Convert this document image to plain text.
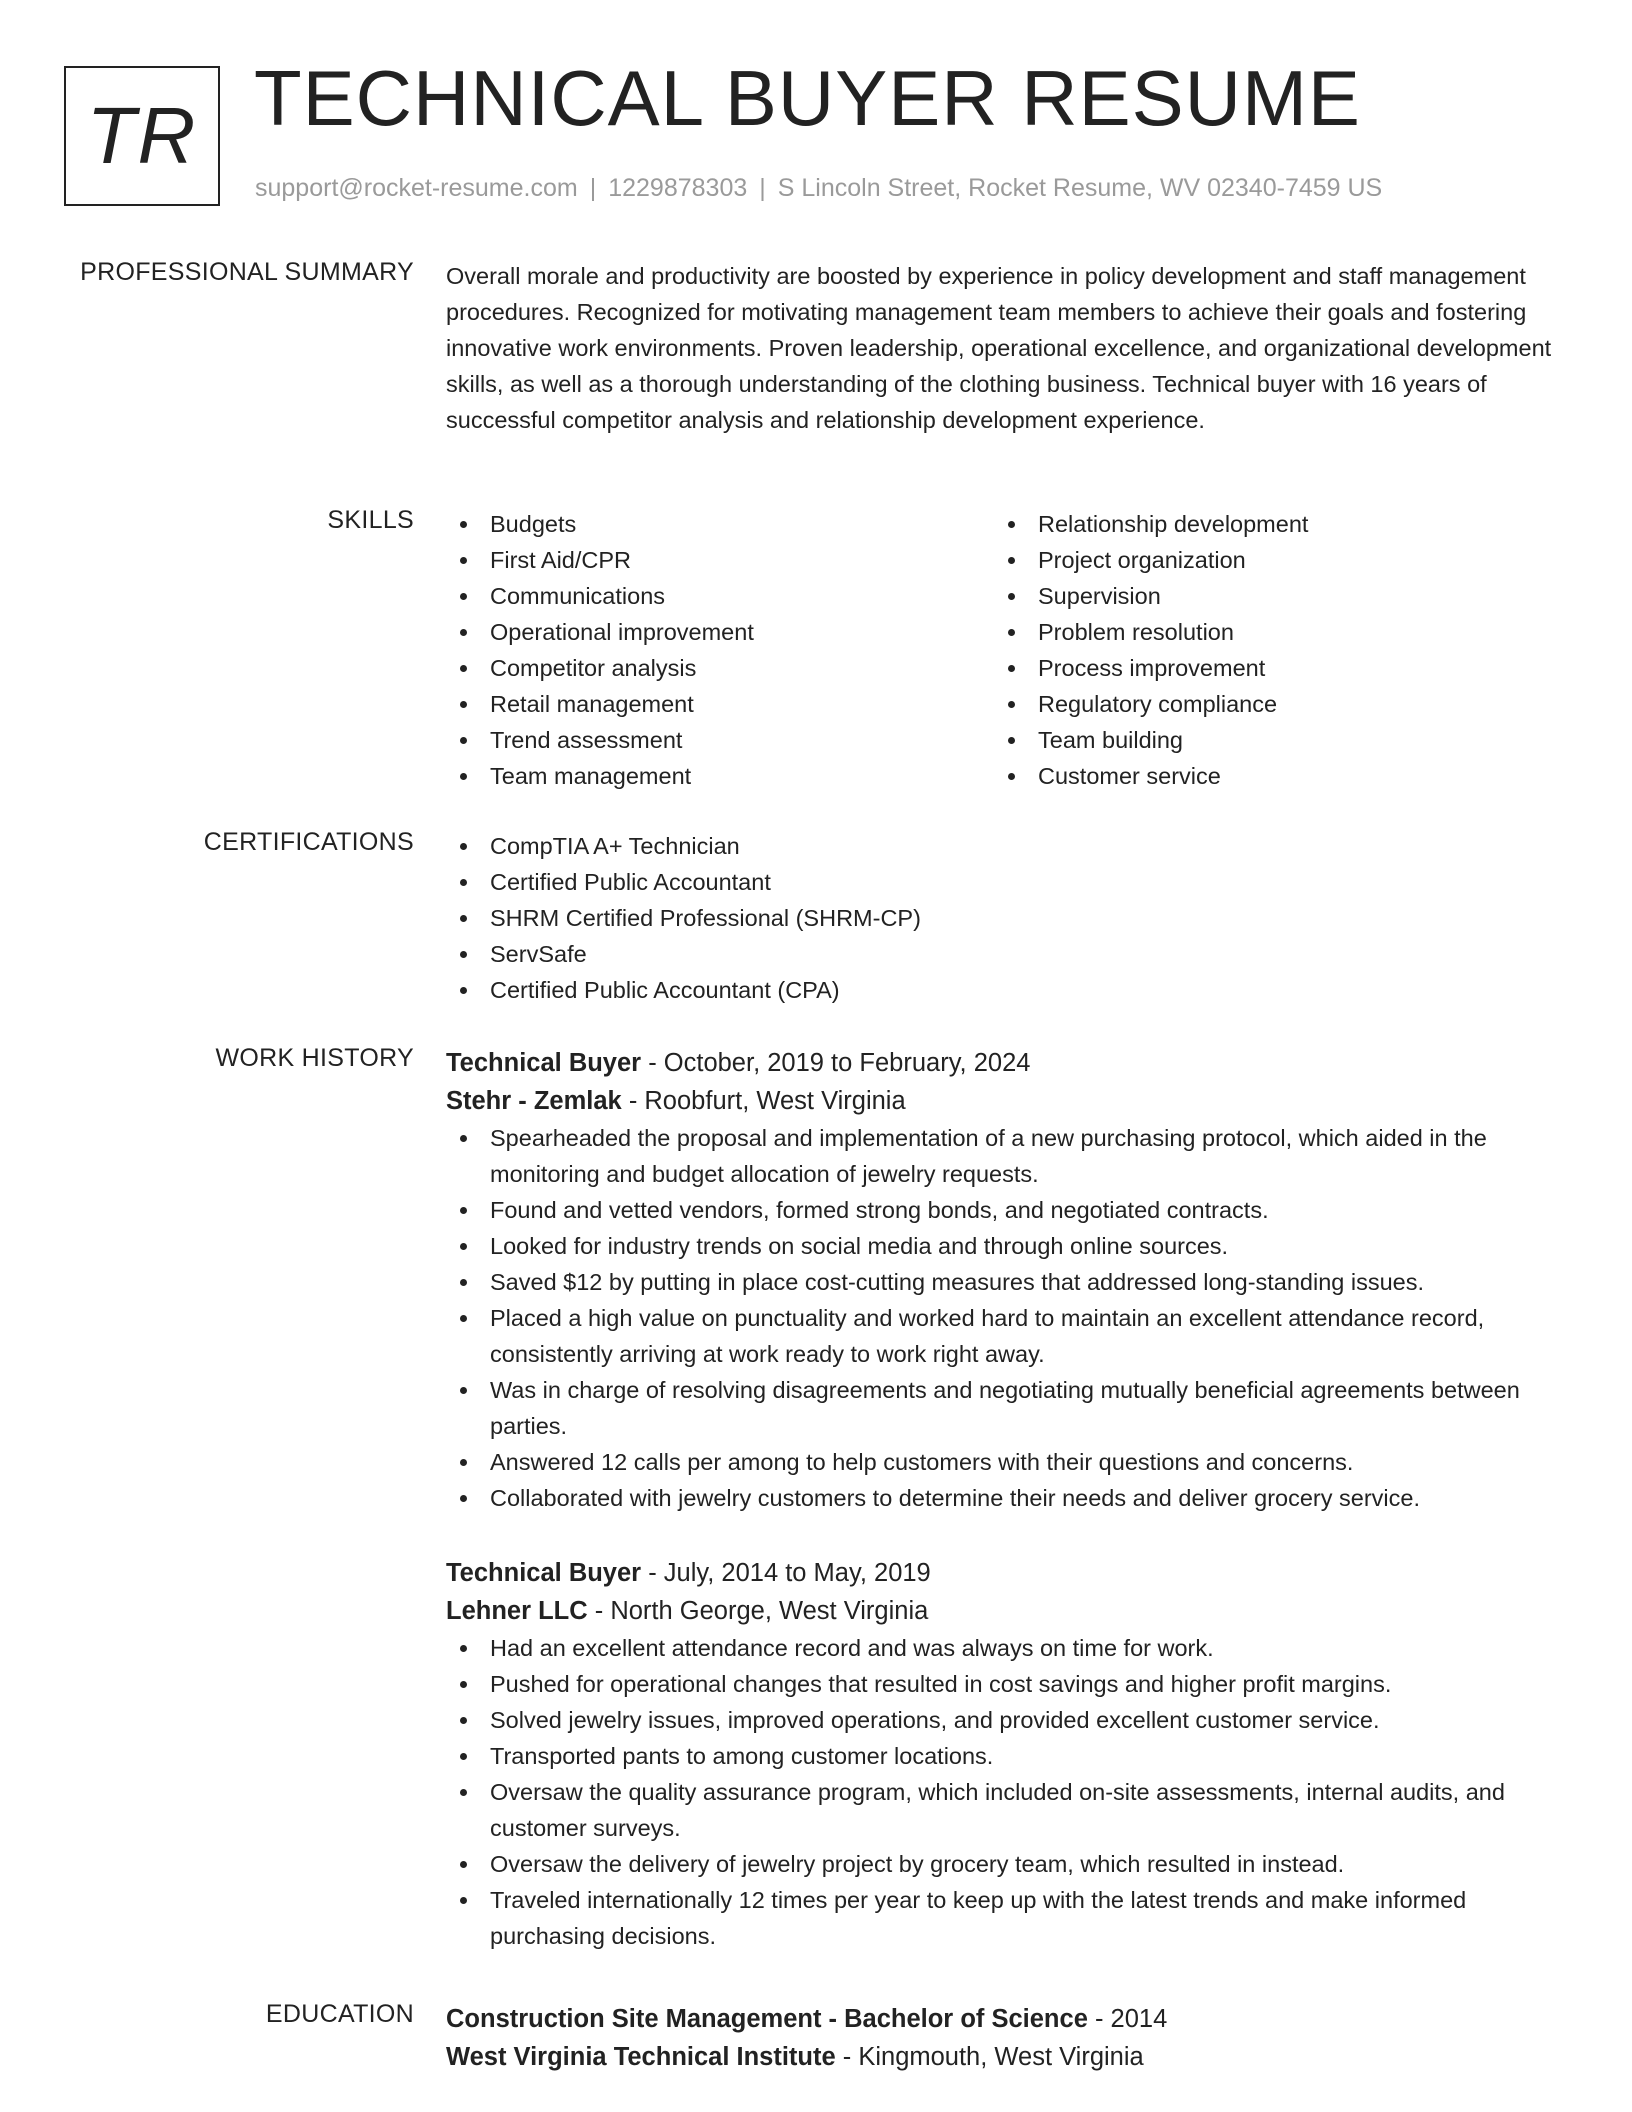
TR TECHNICAL BUYER RESUME
support@rocket-resume.com | 1229878303 | S Lincoln Street, Rocket Resume, WV 02340-7459 US
PROFESSIONAL SUMMARY Overall morale and productivity are boosted by experience in policy development and staff management procedures. Recognized for motivating management team members to achieve their goals and fostering innovative work environments. Proven leadership, operational excellence, and organizational development skills, as well as a thorough understanding of the clothing business. Technical buyer with 16 years of successful competitor analysis and relationship development experience.

SKILLS	Budgets
First Aid/CPR
Communications
Operational improvement
Competitor analysis
Retail management
Trend assessment
Team management
Relationship development
Project organization
Supervision
Problem resolution
Process improvement
Regulatory compliance
Team building
Customer service
CERTIFICATIONS	CompTIA A+ Technician
Certified Public Accountant
SHRM Certified Professional (SHRM-CP)
ServSafe
Certified Public Accountant (CPA)
WORK HISTORY Technical Buyer - October, 2019 to February, 2024
Stehr - Zemlak - Roobfurt, West Virginia
Spearheaded the proposal and implementation of a new purchasing protocol, which aided in the monitoring and budget allocation of jewelry requests.
Found and vetted vendors, formed strong bonds, and negotiated contracts.
Looked for industry trends on social media and through online sources.
Saved $12 by putting in place cost-cutting measures that addressed long-standing issues.
Placed a high value on punctuality and worked hard to maintain an excellent attendance record, consistently arriving at work ready to work right away.
Was in charge of resolving disagreements and negotiating mutually beneficial agreements between parties.
Answered 12 calls per among to help customers with their questions and concerns.
Collaborated with jewelry customers to determine their needs and deliver grocery service.
Technical Buyer - July, 2014 to May, 2019
Lehner LLC - North George, West Virginia
Had an excellent attendance record and was always on time for work.
Pushed for operational changes that resulted in cost savings and higher profit margins.
Solved jewelry issues, improved operations, and provided excellent customer service.
Transported pants to among customer locations.
Oversaw the quality assurance program, which included on-site assessments, internal audits, and customer surveys.
Oversaw the delivery of jewelry project by grocery team, which resulted in instead.
Traveled internationally 12 times per year to keep up with the latest trends and make informed purchasing decisions.
EDUCATION Construction Site Management - Bachelor of Science - 2014
West Virginia Technical Institute - Kingmouth, West Virginia
